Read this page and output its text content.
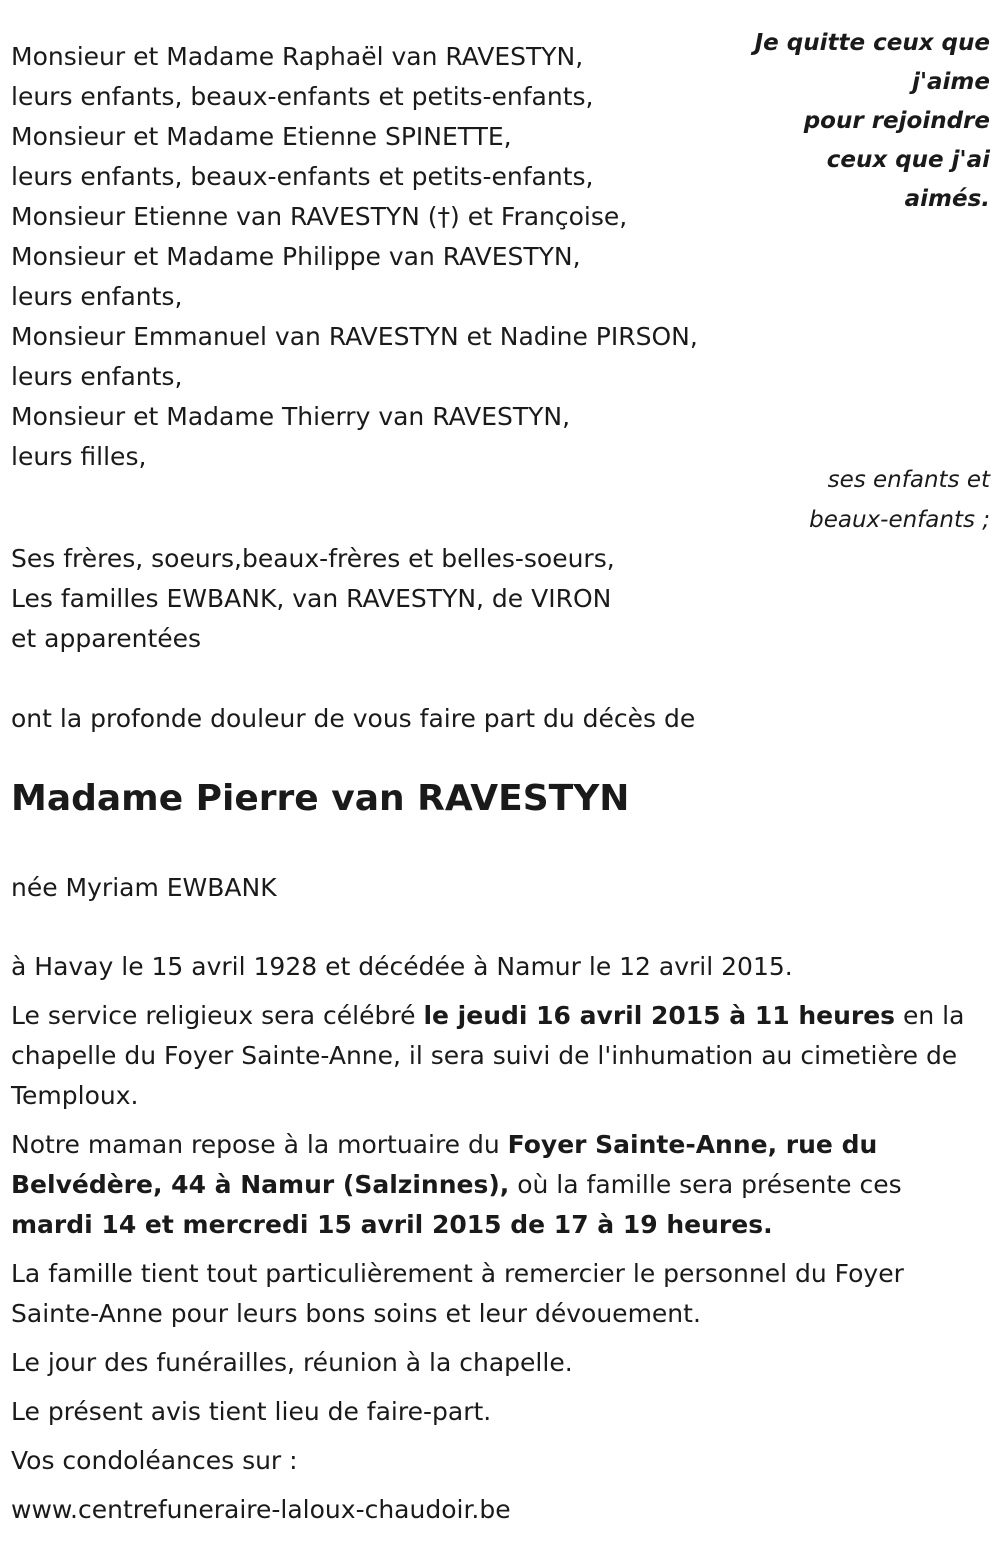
Je quitte ceux que
j'aime
pour rejoindre
ceux que j'ai
aimés.
Monsieur et Madame Raphaël van RAVESTYN,
leurs enfants, beaux-enfants et petits-enfants,
Monsieur et Madame Etienne SPINETTE,
leurs enfants, beaux-enfants et petits-enfants,
Monsieur Etienne van RAVESTYN (†) et Françoise,
Monsieur et Madame Philippe van RAVESTYN,
leurs enfants,
Monsieur Emmanuel van RAVESTYN et Nadine PIRSON,
leurs enfants,
Monsieur et Madame Thierry van RAVESTYN,
leurs filles,
ses enfants et
beaux-enfants ;
Ses frères, soeurs,beaux-frères et belles-soeurs,
Les familles EWBANK, van RAVESTYN, de VIRON
et apparentées
ont la profonde douleur de vous faire part du décès de
Madame Pierre van RAVESTYN
née Myriam EWBANK

à Havay le 15 avril 1928 et décédée à Namur le 12 avril 2015.

Le service religieux sera célébré le jeudi 16 avril 2015 à 11 heures en la chapelle du Foyer Sainte-Anne, il sera suivi de l'inhumation au cimetière de Temploux.

Notre maman repose à la mortuaire du Foyer Sainte-Anne, rue du Belvédère, 44 à Namur (Salzinnes), où la famille sera présente ces mardi 14 et mercredi 15 avril 2015 de 17 à 19 heures.

La famille tient tout particulièrement à remercier le personnel du Foyer Sainte-Anne pour leurs bons soins et leur dévouement.

Le jour des funérailles, réunion à la chapelle.

Le présent avis tient lieu de faire-part.

Vos condoléances sur :

www.centrefuneraire-laloux-chaudoir.be
